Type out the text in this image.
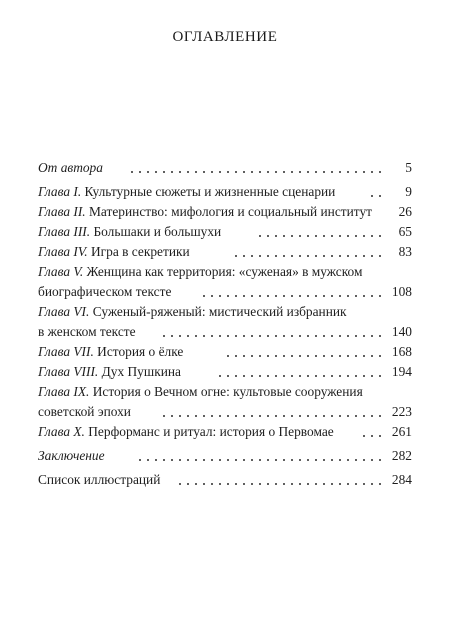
ОГЛАВЛЕНИЕ
От автора	5
Глава I. Культурные сюжеты и жизненные сценарии	9
Глава II. Материнство: мифология и социальный институт 26
Глава III. Большаки и большухи	65
Глава IV. Игра в секретики	83
Глава V. Женщина как территория: «суженая» в мужском
биографическом тексте	108
Глава VI. Суженый-ряженый: мистический избранник
в женском тексте	140
Глава VII. История о ёлке	168
Глава VIII. Дух Пушкина	194
Глава IX. История о Вечном огне: культовые сооружения
советской эпохи	223
Глава X. Перформанс и ритуал: история о Первомае	261
Заключение	282
Список иллюстраций	284
